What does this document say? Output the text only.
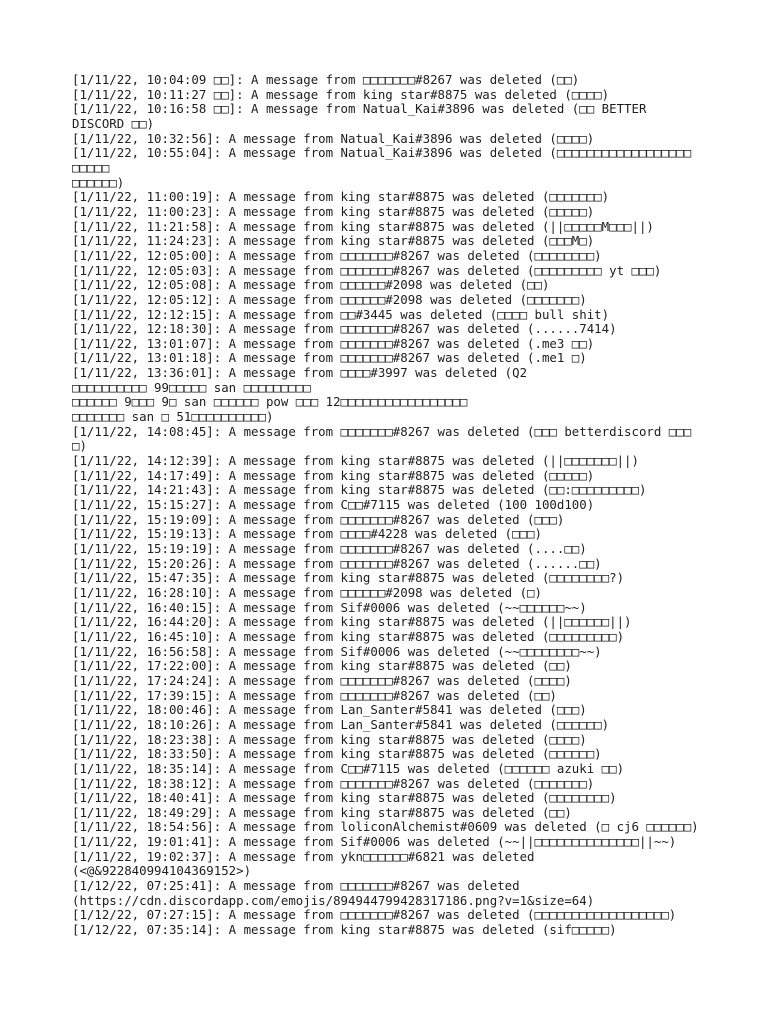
[1/11/22, 10:04:09 □□]: A message from □□□□□□□#8267 was deleted (□□)
[1/11/22, 10:11:27 □□]: A message from king star#8875 was deleted (□□□□)
[1/11/22, 10:16:58 □□]: A message from Natual_Kai#3896 was deleted (□□ BETTER
DISCORD □□)
[1/11/22, 10:32:56]: A message from Natual_Kai#3896 was deleted (□□□□)
[1/11/22, 10:55:04]: A message from Natual_Kai#3896 was deleted (□□□□□□□□□□□□□□□□□□
□□□□□
□□□□□□)
[1/11/22, 11:00:19]: A message from king star#8875 was deleted (□□□□□□□)
[1/11/22, 11:00:23]: A message from king star#8875 was deleted (□□□□□)
[1/11/22, 11:21:58]: A message from king star#8875 was deleted (||□□□□□M□□□||)
[1/11/22, 11:24:23]: A message from king star#8875 was deleted (□□□M□)
[1/11/22, 12:05:00]: A message from □□□□□□□#8267 was deleted (□□□□□□□□)
[1/11/22, 12:05:03]: A message from □□□□□□□#8267 was deleted (□□□□□□□□□ yt □□□)
[1/11/22, 12:05:08]: A message from □□□□□□#2098 was deleted (□□)
[1/11/22, 12:05:12]: A message from □□□□□□#2098 was deleted (□□□□□□□)
[1/11/22, 12:12:15]: A message from □□#3445 was deleted (□□□□ bull shit)
[1/11/22, 12:18:30]: A message from □□□□□□□#8267 was deleted (......7414)
[1/11/22, 13:01:07]: A message from □□□□□□□#8267 was deleted (.me3 □□)
[1/11/22, 13:01:18]: A message from □□□□□□□#8267 was deleted (.me1 □)
[1/11/22, 13:36:01]: A message from □□□□#3997 was deleted (Q2
□□□□□□□□□□ 99□□□□□ san □□□□□□□□□
□□□□□□ 9□□□ 9□ san □□□□□□ pow □□□ 12□□□□□□□□□□□□□□□□□
□□□□□□□ san □ 51□□□□□□□□□□)
[1/11/22, 14:08:45]: A message from □□□□□□□#8267 was deleted (□□□ betterdiscord □□□
□)
[1/11/22, 14:12:39]: A message from king star#8875 was deleted (||□□□□□□□||)
[1/11/22, 14:17:49]: A message from king star#8875 was deleted (□□□□□)
[1/11/22, 14:21:43]: A message from king star#8875 was deleted (□□:□□□□□□□□□)
[1/11/22, 15:15:27]: A message from C□□#7115 was deleted (100 100d100)
[1/11/22, 15:19:09]: A message from □□□□□□□#8267 was deleted (□□□)
[1/11/22, 15:19:13]: A message from □□□□#4228 was deleted (□□□)
[1/11/22, 15:19:19]: A message from □□□□□□□#8267 was deleted (....□□)
[1/11/22, 15:20:26]: A message from □□□□□□□#8267 was deleted (......□□)
[1/11/22, 15:47:35]: A message from king star#8875 was deleted (□□□□□□□□?)
[1/11/22, 16:28:10]: A message from □□□□□□#2098 was deleted (□)
[1/11/22, 16:40:15]: A message from Sif#0006 was deleted (~~□□□□□□~~)
[1/11/22, 16:44:20]: A message from king star#8875 was deleted (||□□□□□□||)
[1/11/22, 16:45:10]: A message from king star#8875 was deleted (□□□□□□□□□)
[1/11/22, 16:56:58]: A message from Sif#0006 was deleted (~~□□□□□□□□~~)
[1/11/22, 17:22:00]: A message from king star#8875 was deleted (□□)
[1/11/22, 17:24:24]: A message from □□□□□□□#8267 was deleted (□□□□)
[1/11/22, 17:39:15]: A message from □□□□□□□#8267 was deleted (□□)
[1/11/22, 18:00:46]: A message from Lan_Santer#5841 was deleted (□□□)
[1/11/22, 18:10:26]: A message from Lan_Santer#5841 was deleted (□□□□□□)
[1/11/22, 18:23:38]: A message from king star#8875 was deleted (□□□□)
[1/11/22, 18:33:50]: A message from king star#8875 was deleted (□□□□□□)
[1/11/22, 18:35:14]: A message from C□□#7115 was deleted (□□□□□□ azuki □□)
[1/11/22, 18:38:12]: A message from □□□□□□□#8267 was deleted (□□□□□□□)
[1/11/22, 18:40:41]: A message from king star#8875 was deleted (□□□□□□□□)
[1/11/22, 18:49:29]: A message from king star#8875 was deleted (□□)
[1/11/22, 18:54:56]: A message from loliconAlchemist#0609 was deleted (□ cj6 □□□□□□)
[1/11/22, 19:01:41]: A message from Sif#0006 was deleted (~~||□□□□□□□□□□□□□□||~~)
[1/11/22, 19:02:37]: A message from ykn□□□□□□#6821 was deleted
(<@&922840994104369152>)
[1/12/22, 07:25:41]: A message from □□□□□□□#8267 was deleted
(https://cdn.discordapp.com/emojis/894944799428317186.png?v=1&size=64)
[1/12/22, 07:27:15]: A message from □□□□□□□#8267 was deleted (□□□□□□□□□□□□□□□□□□)
[1/12/22, 07:35:14]: A message from king star#8875 was deleted (sif□□□□□)
